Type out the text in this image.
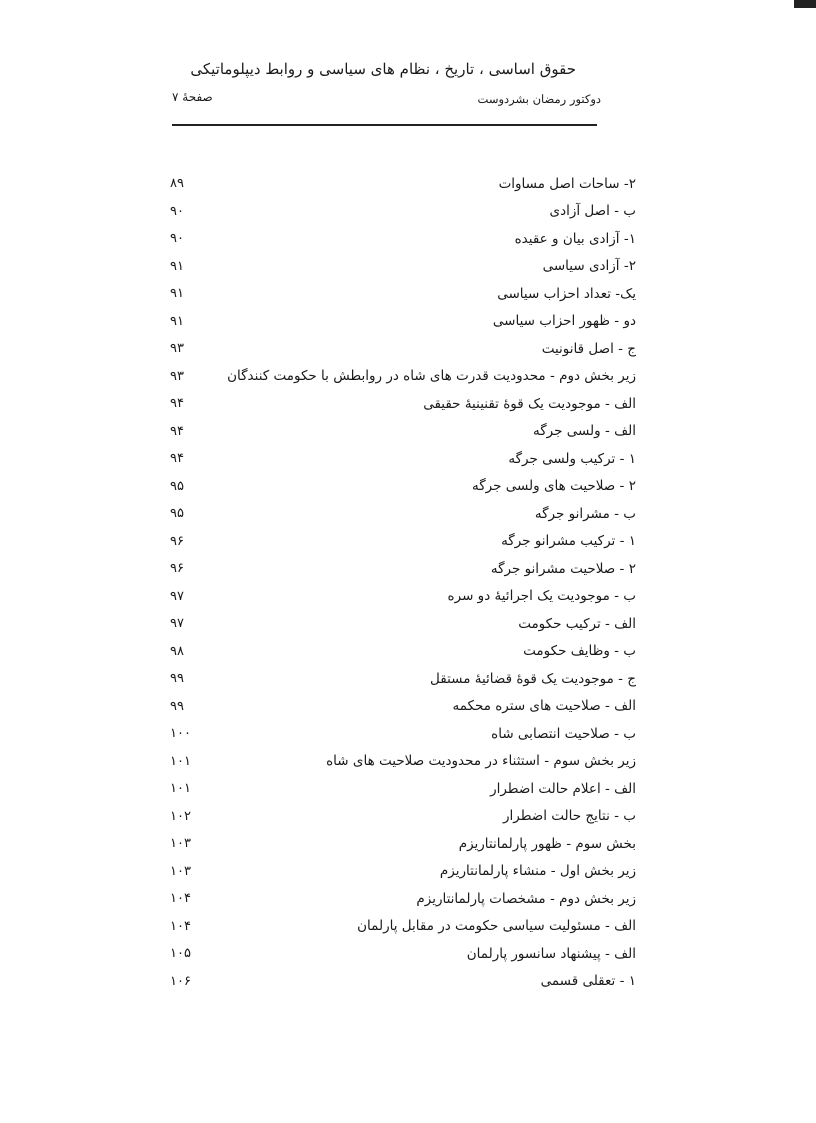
حقوق اساسی ، تاریخ ، نظام های سیاسی و روابط دیپلوماتیکی
دوکتور رمضان بشردوست
صفحهٔ ۷
۲- ساحات اصل مساوات
۸۹
ب - اصل آزادی
۹۰
۱- آزادی بیان و عقیده
۹۰
۲- آزادی سیاسی
۹۱
یک- تعداد احزاب سیاسی
۹۱
دو - ظهور احزاب سیاسی
۹۱
ج - اصل قانونیت
۹۳
زیر بخش دوم - محدودیت قدرت های شاه در روابطش با حکومت کنندگان
۹۳
الف - موجودیت یک قوهٔ تقنینیهٔ حقیقی
۹۴
الف - ولسی جرگه
۹۴
۱ - ترکیب ولسی جرگه
۹۴
۲ - صلاحیت های ولسی جرگه
۹۵
ب - مشرانو جرگه
۹۵
۱ - ترکیب مشرانو جرگه
۹۶
۲ - صلاحیت مشرانو جرگه
۹۶
ب - موجودیت یک اجرائیهٔ دو سره
۹۷
الف - ترکیب حکومت
۹۷
ب - وظایف حکومت
۹۸
ج - موجودیت یک قوهٔ قضائیهٔ مستقل
۹۹
الف - صلاحیت های ستره محکمه
۹۹
ب - صلاحیت انتصابی شاه
۱۰۰
زیر بخش سوم - استثناء در محدودیت صلاحیت های شاه
۱۰۱
الف - اعلام حالت اضطرار
۱۰۱
ب - نتایج حالت اضطرار
۱۰۲
بخش سوم - ظهور پارلمانتاریزم
۱۰۳
زیر بخش اول - منشاء پارلمانتاریزم
۱۰۳
زیر بخش دوم - مشخصات پارلمانتاریزم
۱۰۴
الف - مسئولیت سیاسی حکومت در مقابل پارلمان
۱۰۴
الف - پیشنهاد سانسور پارلمان
۱۰۵
۱ - تعقلی قسمی
۱۰۶
